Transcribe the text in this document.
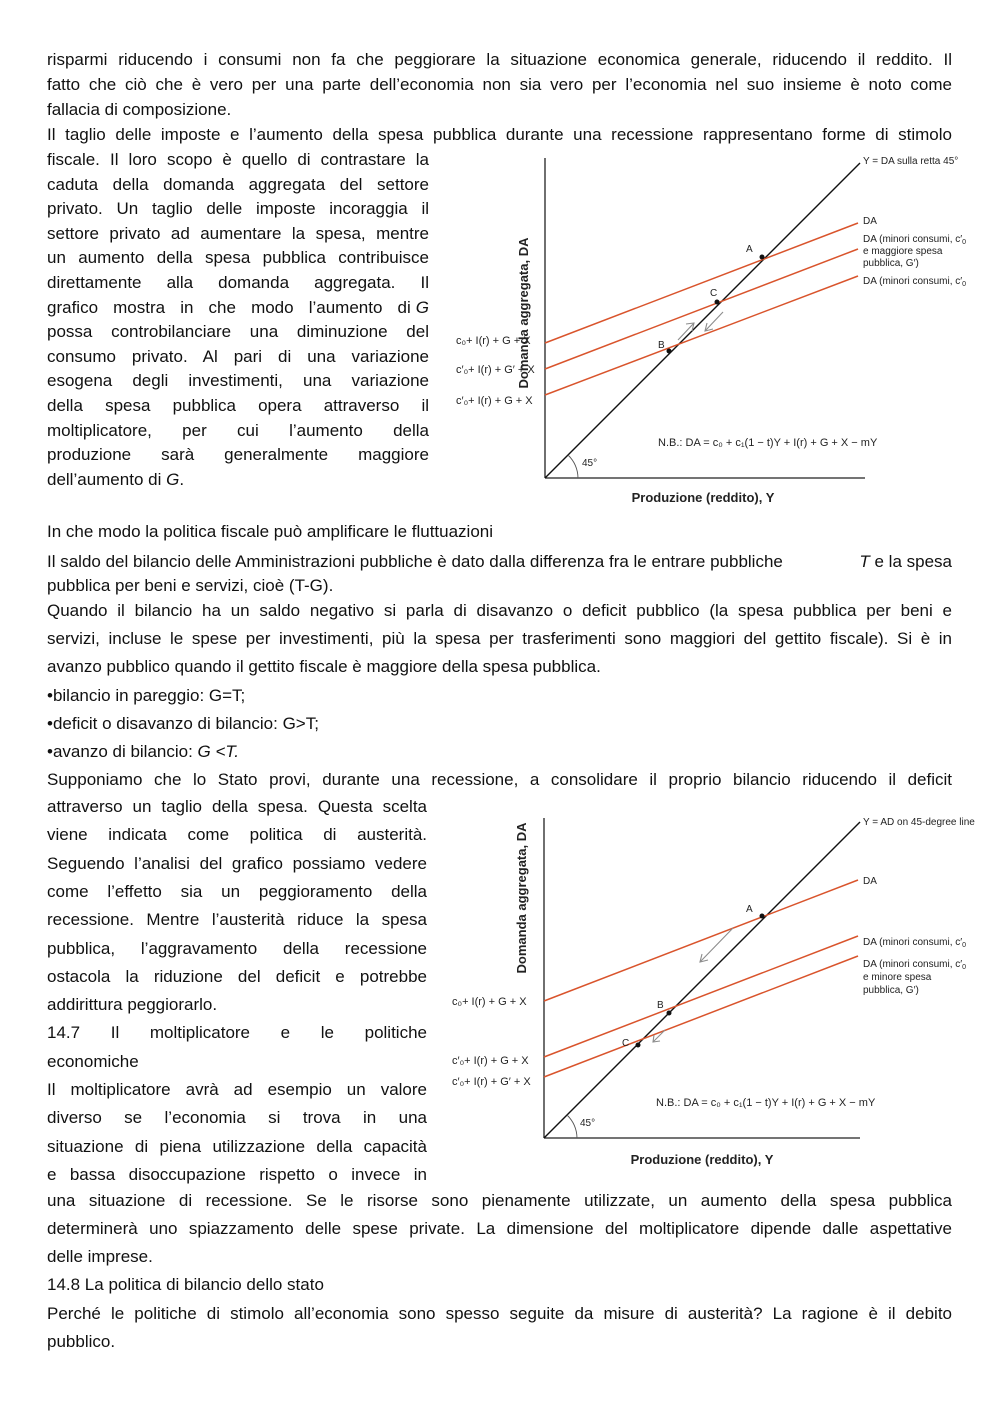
risparmi riducendo i consumi non fa che peggiorare la situazione economica generale, riducendo il reddito. Il

fatto che ciò che è vero per una parte dell’economia non sia vero per l’economia nel suo insieme è noto come

fallacia di composizione.

Il taglio delle imposte e l’aumento della spesa pubblica durante una recessione rappresentano forme di stimolo

fiscale. Il loro scopo è quello di contrastare la

caduta della domanda aggregata del settore

privato. Un taglio delle imposte incoraggia il

settore privato ad aumentare la spesa, mentre

un aumento della spesa pubblica contribuisce

direttamente alla domanda aggregata. Il

grafico mostra in che modo l’aumento di G

possa controbilanciare una diminuzione del

consumo privato. Al pari di una variazione

esogena degli investimenti, una variazione

della spesa pubblica opera attraverso il

moltiplicatore, per cui l’aumento della

produzione sarà generalmente maggiore

dell’aumento di G.

Domanda aggregata, DA
Produzione (reddito), Y
45°
c₀+ I(r) + G + X
c′₀+ I(r) + G′ + X
c′₀+ I(r) + G + X
A
C
B
Y = DA sulla retta 45°
DA
DA (minori consumi, $c'_0$
e maggiore spesa
pubblica, G′)
DA (minori consumi, $c'_0$
N.B.: DA = c₀ + c₁(1 − t)Y + I(r) + G + X − mY

In che modo la politica fiscale può amplificare le fluttuazioni

Il saldo del bilancio delle Amministrazioni pubbliche è dato dalla differenza fra le entrare pubbliche	T e la spesa

pubblica per beni e servizi, cioè (T-G).

Quando il bilancio ha un saldo negativo si parla di disavanzo o deficit pubblico (la spesa pubblica per beni e

servizi, incluse le spese per investimenti, più la spesa per trasferimenti sono maggiori del gettito fiscale). Si è in

avanzo pubblico quando il gettito fiscale è maggiore della spesa pubblica.

•bilancio in pareggio: G=T;

•deficit o disavanzo di bilancio: G>T;

•avanzo di bilancio: G <T.

Supponiamo che lo Stato provi, durante una recessione, a consolidare il proprio bilancio riducendo il deficit

attraverso un taglio della spesa. Questa scelta

viene indicata come politica di austerità.

Seguendo l’analisi del grafico possiamo vedere

come l’effetto sia un peggioramento della

recessione. Mentre l’austerità riduce la spesa

pubblica, l’aggravamento della recessione

ostacola la riduzione del deficit e potrebbe

addirittura peggiorarlo.

14.7 Il moltiplicatore e le politiche

economiche

Il moltiplicatore avrà ad esempio un valore

diverso se l’economia si trova in una

situazione di piena utilizzazione della capacità

e bassa disoccupazione rispetto o invece in

Domanda aggregata, DA
Produzione (reddito), Y
45°
c₀+ I(r) + G + X
c′₀+ I(r) + G + X
c′₀+ I(r) + G′ + X
A
B
C
Y = AD on 45-degree line
DA
DA (minori consumi, $c'_0$
DA (minori consumi, $c'_0$
e minore spesa
pubblica, G′)
N.B.: DA = c₀ + c₁(1 − t)Y + I(r) + G + X − mY

una situazione di recessione. Se le risorse sono pienamente utilizzate, un aumento della spesa pubblica

determinerà uno spiazzamento delle spese private. La dimensione del moltiplicatore dipende dalle aspettative

delle imprese.

14.8 La politica di bilancio dello stato

Perché le politiche di stimolo all’economia sono spesso seguite da misure di austerità? La ragione è il debito

pubblico.
